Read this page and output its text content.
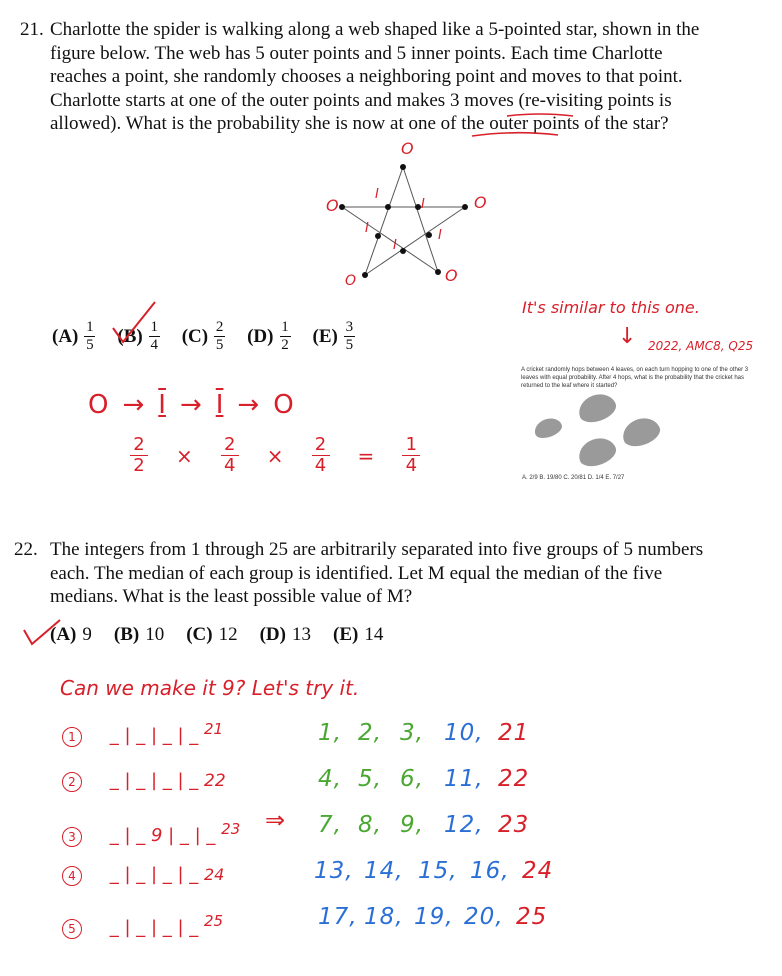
21. Charlotte the spider is walking along a web shaped like a 5-pointed star, shown in the
figure below. The web has 5 outer points and 5 inner points. Each time Charlotte
reaches a point, she randomly chooses a neighboring point and moves to that point.
Charlotte starts at one of the outer points and makes 3 moves (re-visiting points is
allowed). What is the probability she is now at one of the outer points of the star?
O
O	O
O	O
I
I
I	I
I
$(A) \frac{1}{5} (B) \frac{1}{4} (C) \frac{2}{5} (D) \frac{1}{2} (E) \frac{3}{5}$
It's similar to this one.
↓ 2022, AMC8, Q25
A cricket randomly hops between 4 leaves, on each turn hopping to one of the other 3 leaves with equal probability. After 4 hops, what is the probability that the cricket has returned to the leaf where it started?
A. 2/9 B. 19/80 C. 20/81 D. 1/4 E. 7/27
O → I → I → O
$\frac{2}{2} \times \frac{2}{4} \times \frac{2}{4} = \frac{1}{4}$
22. The integers from 1 through 25 are arbitrarily separated into five groups of 5 numbers
each. The median of each group is identified. Let M equal the median of the five
medians. What is the least possible value of M?
(A) 9 (B) 10 (C) 12 (D) 13 (E) 14
Can we make it 9? Let's try it.
1 _ | _ | _ | _ $^{21}$
2 _ | _ | _ | _ 22
3 _ | _ 9 | _ | _ $^{23}$
4 _ | _ | _ | _ 24
5 _ | _ | _ | _ $^{25}$
⇒
1, 2, 3, 10, 21
4, 5, 6, 11, 22
7, 8, 9, 12, 23
13, 14, 15, 16, 24
17, 18, 19, 20, 25
